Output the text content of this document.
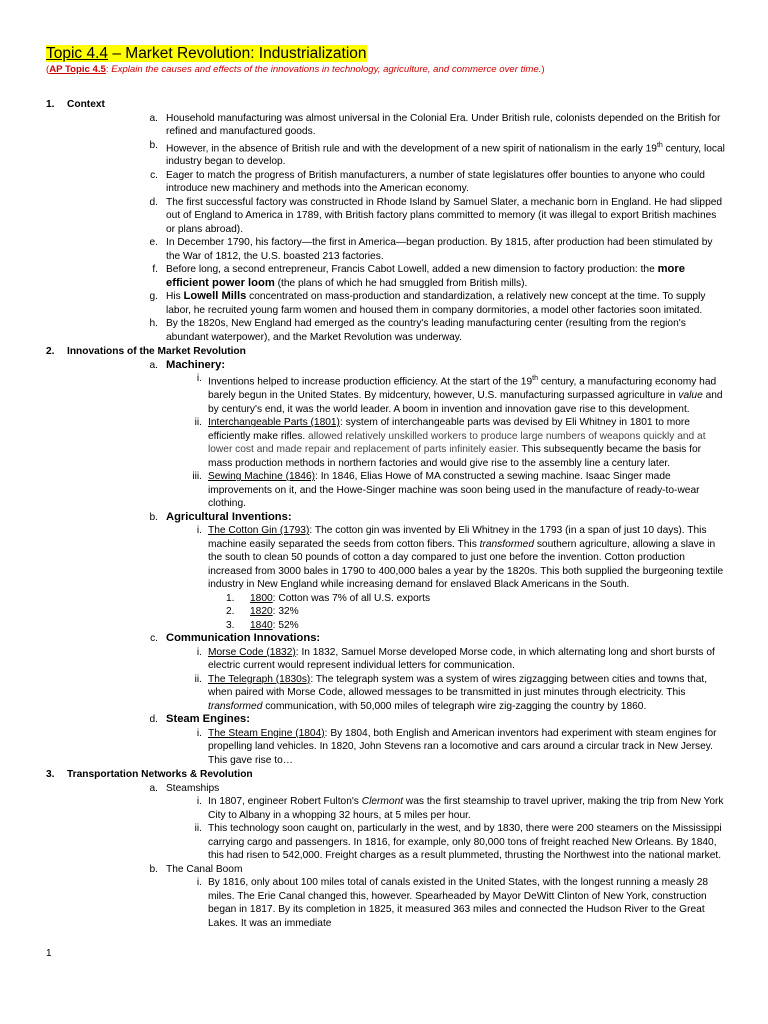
Topic 4.4 – Market Revolution: Industrialization
(AP Topic 4.5: Explain the causes and effects of the innovations in technology, agriculture, and commerce over time.)
1.	Context
a. Household manufacturing was almost universal in the Colonial Era. Under British rule, colonists depended on the British for refined and manufactured goods.
b. However, in the absence of British rule and with the development of a new spirit of nationalism in the early 19th century, local industry began to develop.
c. Eager to match the progress of British manufacturers, a number of state legislatures offer bounties to anyone who could introduce new machinery and methods into the American economy.
d. The first successful factory was constructed in Rhode Island by Samuel Slater, a mechanic born in England. He had slipped out of England to America in 1789, with British factory plans committed to memory (it was illegal to export British machines or plans abroad).
e. In December 1790, his factory—the first in America—began production. By 1815, after production had been stimulated by the War of 1812, the U.S. boasted 213 factories.
f. Before long, a second entrepreneur, Francis Cabot Lowell, added a new dimension to factory production: the more efficient power loom (the plans of which he had smuggled from British mills).
g. His Lowell Mills concentrated on mass-production and standardization, a relatively new concept at the time. To supply labor, he recruited young farm women and housed them in company dormitories, a model other factories soon imitated.
h. By the 1820s, New England had emerged as the country's leading manufacturing center (resulting from the region's abundant waterpower), and the Market Revolution was underway.
2.	Innovations of the Market Revolution
a. Machinery:
i. Inventions helped to increase production efficiency. At the start of the 19th century, a manufacturing economy had barely begun in the United States. By midcentury, however, U.S. manufacturing surpassed agriculture in value and by century's end, it was the world leader. A boom in invention and innovation gave rise to this development.
ii. Interchangeable Parts (1801): system of interchangeable parts was devised by Eli Whitney in 1801 to more efficiently make rifles. allowed relatively unskilled workers to produce large numbers of weapons quickly and at lower cost and made repair and replacement of parts infinitely easier. This subsequently became the basis for mass production methods in northern factories and would give rise to the assembly line a century later.
iii. Sewing Machine (1846): In 1846, Elias Howe of MA constructed a sewing machine. Isaac Singer made improvements on it, and the Howe-Singer machine was soon being used in the manufacture of ready-to-wear clothing.
b. Agricultural Inventions:
i. The Cotton Gin (1793): The cotton gin was invented by Eli Whitney in the 1793 (in a span of just 10 days). This machine easily separated the seeds from cotton fibers. This transformed southern agriculture, allowing a slave in the south to clean 50 pounds of cotton a day compared to just one before the invention. Cotton production increased from 3000 bales in 1790 to 400,000 bales a year by the 1820s. This both supplied the burgeoning textile industry in New England while increasing demand for enslaved Black Americans in the South.
1.	1800 : Cotton was 7% of all U.S. exports
2.	1820 : 32%
3.	1840 : 52%
c. Communication Innovations:
i. Morse Code (1832): In 1832, Samuel Morse developed Morse code, in which alternating long and short bursts of electric current would represent individual letters for communication.
ii. The Telegraph (1830s): The telegraph system was a system of wires zigzagging between cities and towns that, when paired with Morse Code, allowed messages to be transmitted in just minutes through electricity. This transformed communication, with 50,000 miles of telegraph wire zig-zagging the country by 1860.
d. Steam Engines:
i. The Steam Engine (1804): By 1804, both English and American inventors had experiment with steam engines for propelling land vehicles. In 1820, John Stevens ran a locomotive and cars around a circular track in New Jersey. This gave rise to…
3.	Transportation Networks & Revolution
a. Steamships
i. In 1807, engineer Robert Fulton's Clermont was the first steamship to travel upriver, making the trip from New York City to Albany in a whopping 32 hours, at 5 miles per hour.
ii. This technology soon caught on, particularly in the west, and by 1830, there were 200 steamers on the Mississippi carrying cargo and passengers. In 1816, for example, only 80,000 tons of freight reached New Orleans. By 1840, this had risen to 542,000. Freight charges as a result plummeted, thrusting the Northwest into the national market.
b. The Canal Boom
i. By 1816, only about 100 miles total of canals existed in the United States, with the longest running a measly 28 miles. The Erie Canal changed this, however. Spearheaded by Mayor DeWitt Clinton of New York, construction began in 1817. By its completion in 1825, it measured 363 miles and connected the Hudson River to the Great Lakes. It was an immediate
1
